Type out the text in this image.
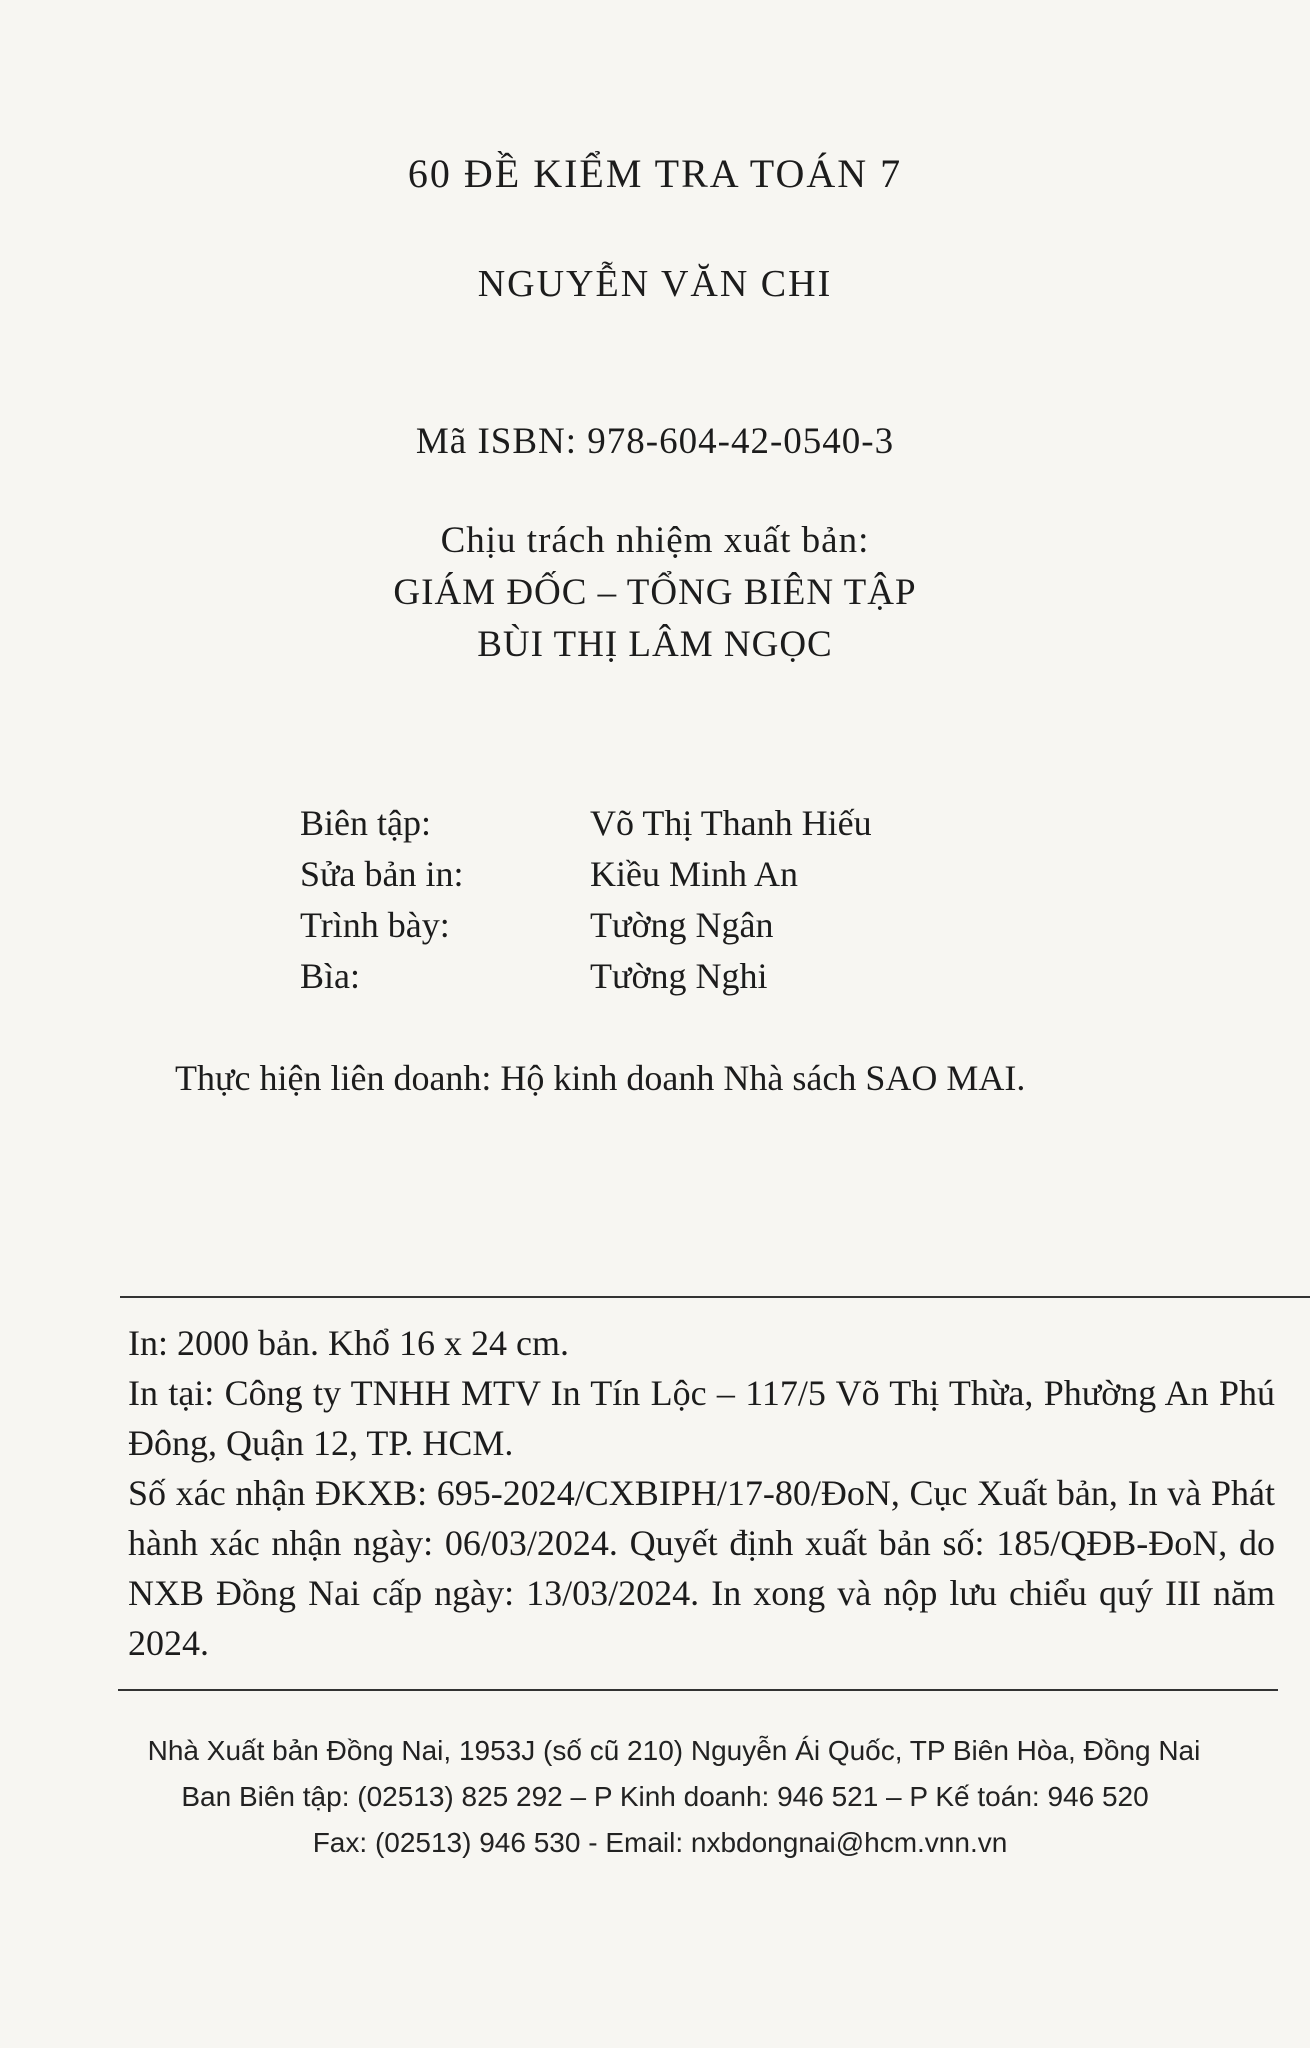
60 ĐỀ KIỂM TRA TOÁN 7
NGUYỄN VĂN CHI
Mã ISBN: 978-604-42-0540-3
Chịu trách nhiệm xuất bản:
GIÁM ĐỐC – TỔNG BIÊN TẬP
BÙI THỊ LÂM NGỌC
Biên tập:	Võ Thị Thanh Hiếu
Sửa bản in:	Kiều Minh An
Trình bày:	Tường Ngân
Bìa:	Tường Nghi
Thực hiện liên doanh: Hộ kinh doanh Nhà sách SAO MAI.

In: 2000 bản. Khổ 16 x 24 cm.

In tại: Công ty TNHH MTV In Tín Lộc – 117/5 Võ Thị Thừa, Phường An Phú Đông, Quận 12, TP. HCM.

Số xác nhận ĐKXB: 695-2024/CXBIPH/17-80/ĐoN, Cục Xuất bản, In và Phát hành xác nhận ngày: 06/03/2024. Quyết định xuất bản số: 185/QĐB-ĐoN, do NXB Đồng Nai cấp ngày: 13/03/2024. In xong và nộp lưu chiểu quý III năm 2024.

Nhà Xuất bản Đồng Nai, 1953J (số cũ 210) Nguyễn Ái Quốc, TP Biên Hòa, Đồng Nai
Ban Biên tập: (02513) 825 292 – P Kinh doanh: 946 521 – P Kế toán: 946 520
Fax: (02513) 946 530 - Email: nxbdongnai@hcm.vnn.vn
